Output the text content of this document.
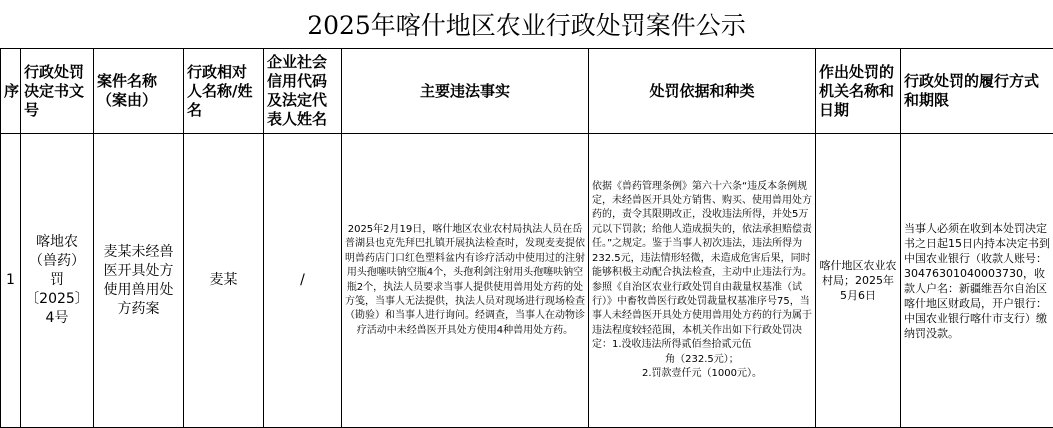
2025年喀什地区农业行政处罚案件公示
序	行政处罚决定书文号	案件名称（案由）	行政相对人名称/姓名	企业社会信用代码及法定代表人姓名	主要违法事实	处罚依据和种类	作出处罚的机关名称和日期	行政处罚的履行方式和期限
1	喀地农（兽药）罚〔2025〕4号	麦某未经兽医开具处方使用兽用处方药案	麦某	/	2025年2月19日，喀什地区农业农村局执法人员在岳普湖县也克先拜巴扎镇开展执法检查时，发现麦麦提依明兽药店门口红色塑料盆内有诊疗活动中使用过的注射用头孢噻呋钠空瓶4个，头孢利剑注射用头孢噻呋钠空瓶2个，执法人员要求当事人提供使用兽用处方药的处方笺，当事人无法提供，执法人员对现场进行现场检查（勘验）和当事人进行询问。经调查，当事人在动物诊疗活动中未经兽医开具处方使用4种兽用处方药。	依据《兽药管理条例》第六十六条“违反本条例规定，未经兽医开具处方销售、购买、使用兽用处方药的，责令其限期改正，没收违法所得，并处5万元以下罚款；给他人造成损失的，依法承担赔偿责任。”之规定。鉴于当事人初次违法，违法所得为232.5元，违法情形轻微，未造成危害后果，同时能够积极主动配合执法检查，主动中止违法行为。参照《自治区农业行政处罚自由裁量权基准（试行）》中畜牧兽医行政处罚裁量权基准序号75，当事人未经兽医开具处方使用兽用处方药的行为属于违法程度较轻范围，本机关作出如下行政处罚决定：1.没收违法所得贰佰叁拾贰元伍
角（232.5元）；
2.罚款壹仟元（1000元）。	喀什地区农业农村局；2025年5月6日	当事人必须在收到本处罚决定书之日起15日内持本决定书到中国农业银行（收款人账号：30476301040003730，收款人户名：新疆维吾尔自治区喀什地区财政局，开户银行：中国农业银行喀什市支行）缴纳罚没款。
